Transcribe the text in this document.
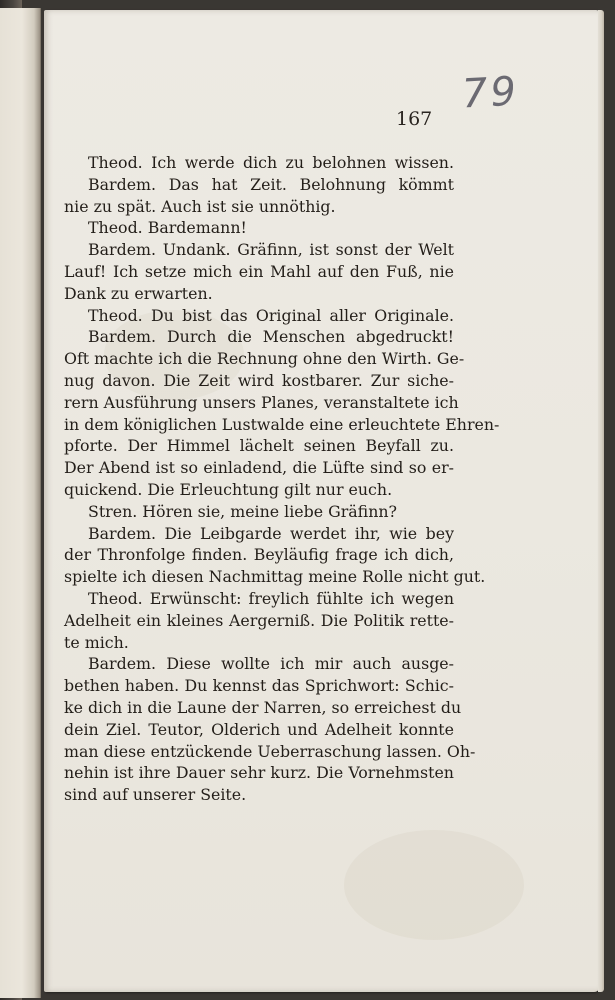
79

167

Theod. Ich werde dich zu belohnen wissen.
Bardem. Das hat Zeit. Belohnung kömmt
nie zu spät. Auch ist sie unnöthig.
Theod. Bardemann!
Bardem. Undank. Gräfinn, ist sonst der Welt
Lauf! Ich setze mich ein Mahl auf den Fuß, nie
Dank zu erwarten.
Theod. Du bist das Original aller Originale.
Bardem. Durch die Menschen abgedruckt!
Oft machte ich die Rechnung ohne den Wirth. Ge-
nug davon. Die Zeit wird kostbarer. Zur siche-
rern Ausführung unsers Planes, veranstaltete ich
in dem königlichen Lustwalde eine erleuchtete Ehren-
pforte. Der Himmel lächelt seinen Beyfall zu.
Der Abend ist so einladend, die Lüfte sind so er-
quickend. Die Erleuchtung gilt nur euch.
Stren. Hören sie, meine liebe Gräfinn?
Bardem. Die Leibgarde werdet ihr, wie bey
der Thronfolge finden. Beyläufig frage ich dich,
spielte ich diesen Nachmittag meine Rolle nicht gut.
Theod. Erwünscht: freylich fühlte ich wegen
Adelheit ein kleines Aergerniß. Die Politik rette-
te mich.
Bardem. Diese wollte ich mir auch ausge-
bethen haben. Du kennst das Sprichwort: Schic-
ke dich in die Laune der Narren, so erreichest du
dein Ziel. Teutor, Olderich und Adelheit konnte
man diese entzückende Ueberraschung lassen. Oh-
nehin ist ihre Dauer sehr kurz. Die Vornehmsten
sind auf unserer Seite.
